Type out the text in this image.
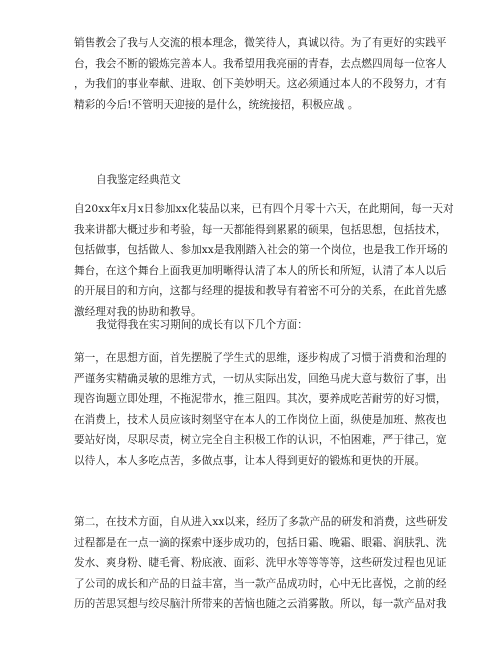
销售教会了我与人交流的根本理念，微笑待人，真诚以待。为了有更好的实践平
台，我会不断的锻炼完善本人。我希望用我亮丽的青春，去点燃四周每一位客人
，为我们的事业奉献、进取、创下美妙明天。这必须通过本人的不段努力，才有
精彩的今后!不管明天迎接的是什么，统统接招，积极应战 。

自我鉴定经典范文

自20xx年x月x日参加xx化装品以来，已有四个月零十六天，在此期间，每一天对
我来讲都大概过步和考验，每一天都能得到累累的硕果，包括思想，包括技术，
包括做事，包括做人、参加xx是我刚踏入社会的第一个岗位，也是我工作开场的
舞台，在这个舞台上面我更加明晰得认清了本人的所长和所短，认清了本人以后
的开展目的和方向，这都与经理的提拔和教导有着密不可分的关系，在此首先感
激经理对我的协助和教导。

我觉得我在实习期间的成长有以下几个方面：

第一，在思想方面，首先摆脱了学生式的思维，逐步构成了习惯于消费和治理的
严谨务实精确灵敏的思维方式，一切从实际出发，回绝马虎大意与数衍了事，出
现咨询题立即处理，不拖泥带水，推三阻四。其次，要养成吃苦耐劳的好习惯，
在消费上，技术人员应该时刻坚守在本人的工作岗位上面，纵使是加班、熬夜也
要站好岗，尽职尽责，树立完全自主积极工作的认识，不怕困难，严于律己，宽
以待人，本人多吃点苦，多做点事，让本人得到更好的锻炼和更快的开展。

第二，在技术方面，自从进入xx以来，经历了多款产品的研发和消费，这些研发
过程都是在一点一滴的探索中逐步成功的，包括日霜、晚霜、眼霜、润肤乳、洗
发水、爽身粉、睫毛膏、粉底液、面彩、洗甲水等等等等，这些研发过程也见证
了公司的成长和产品的日益丰富，当一款产品成功时，心中无比喜悦，之前的经
历的苦思冥想与绞尽脑汁所带来的苦恼也随之云消雾散。所以，每一款产品对我
